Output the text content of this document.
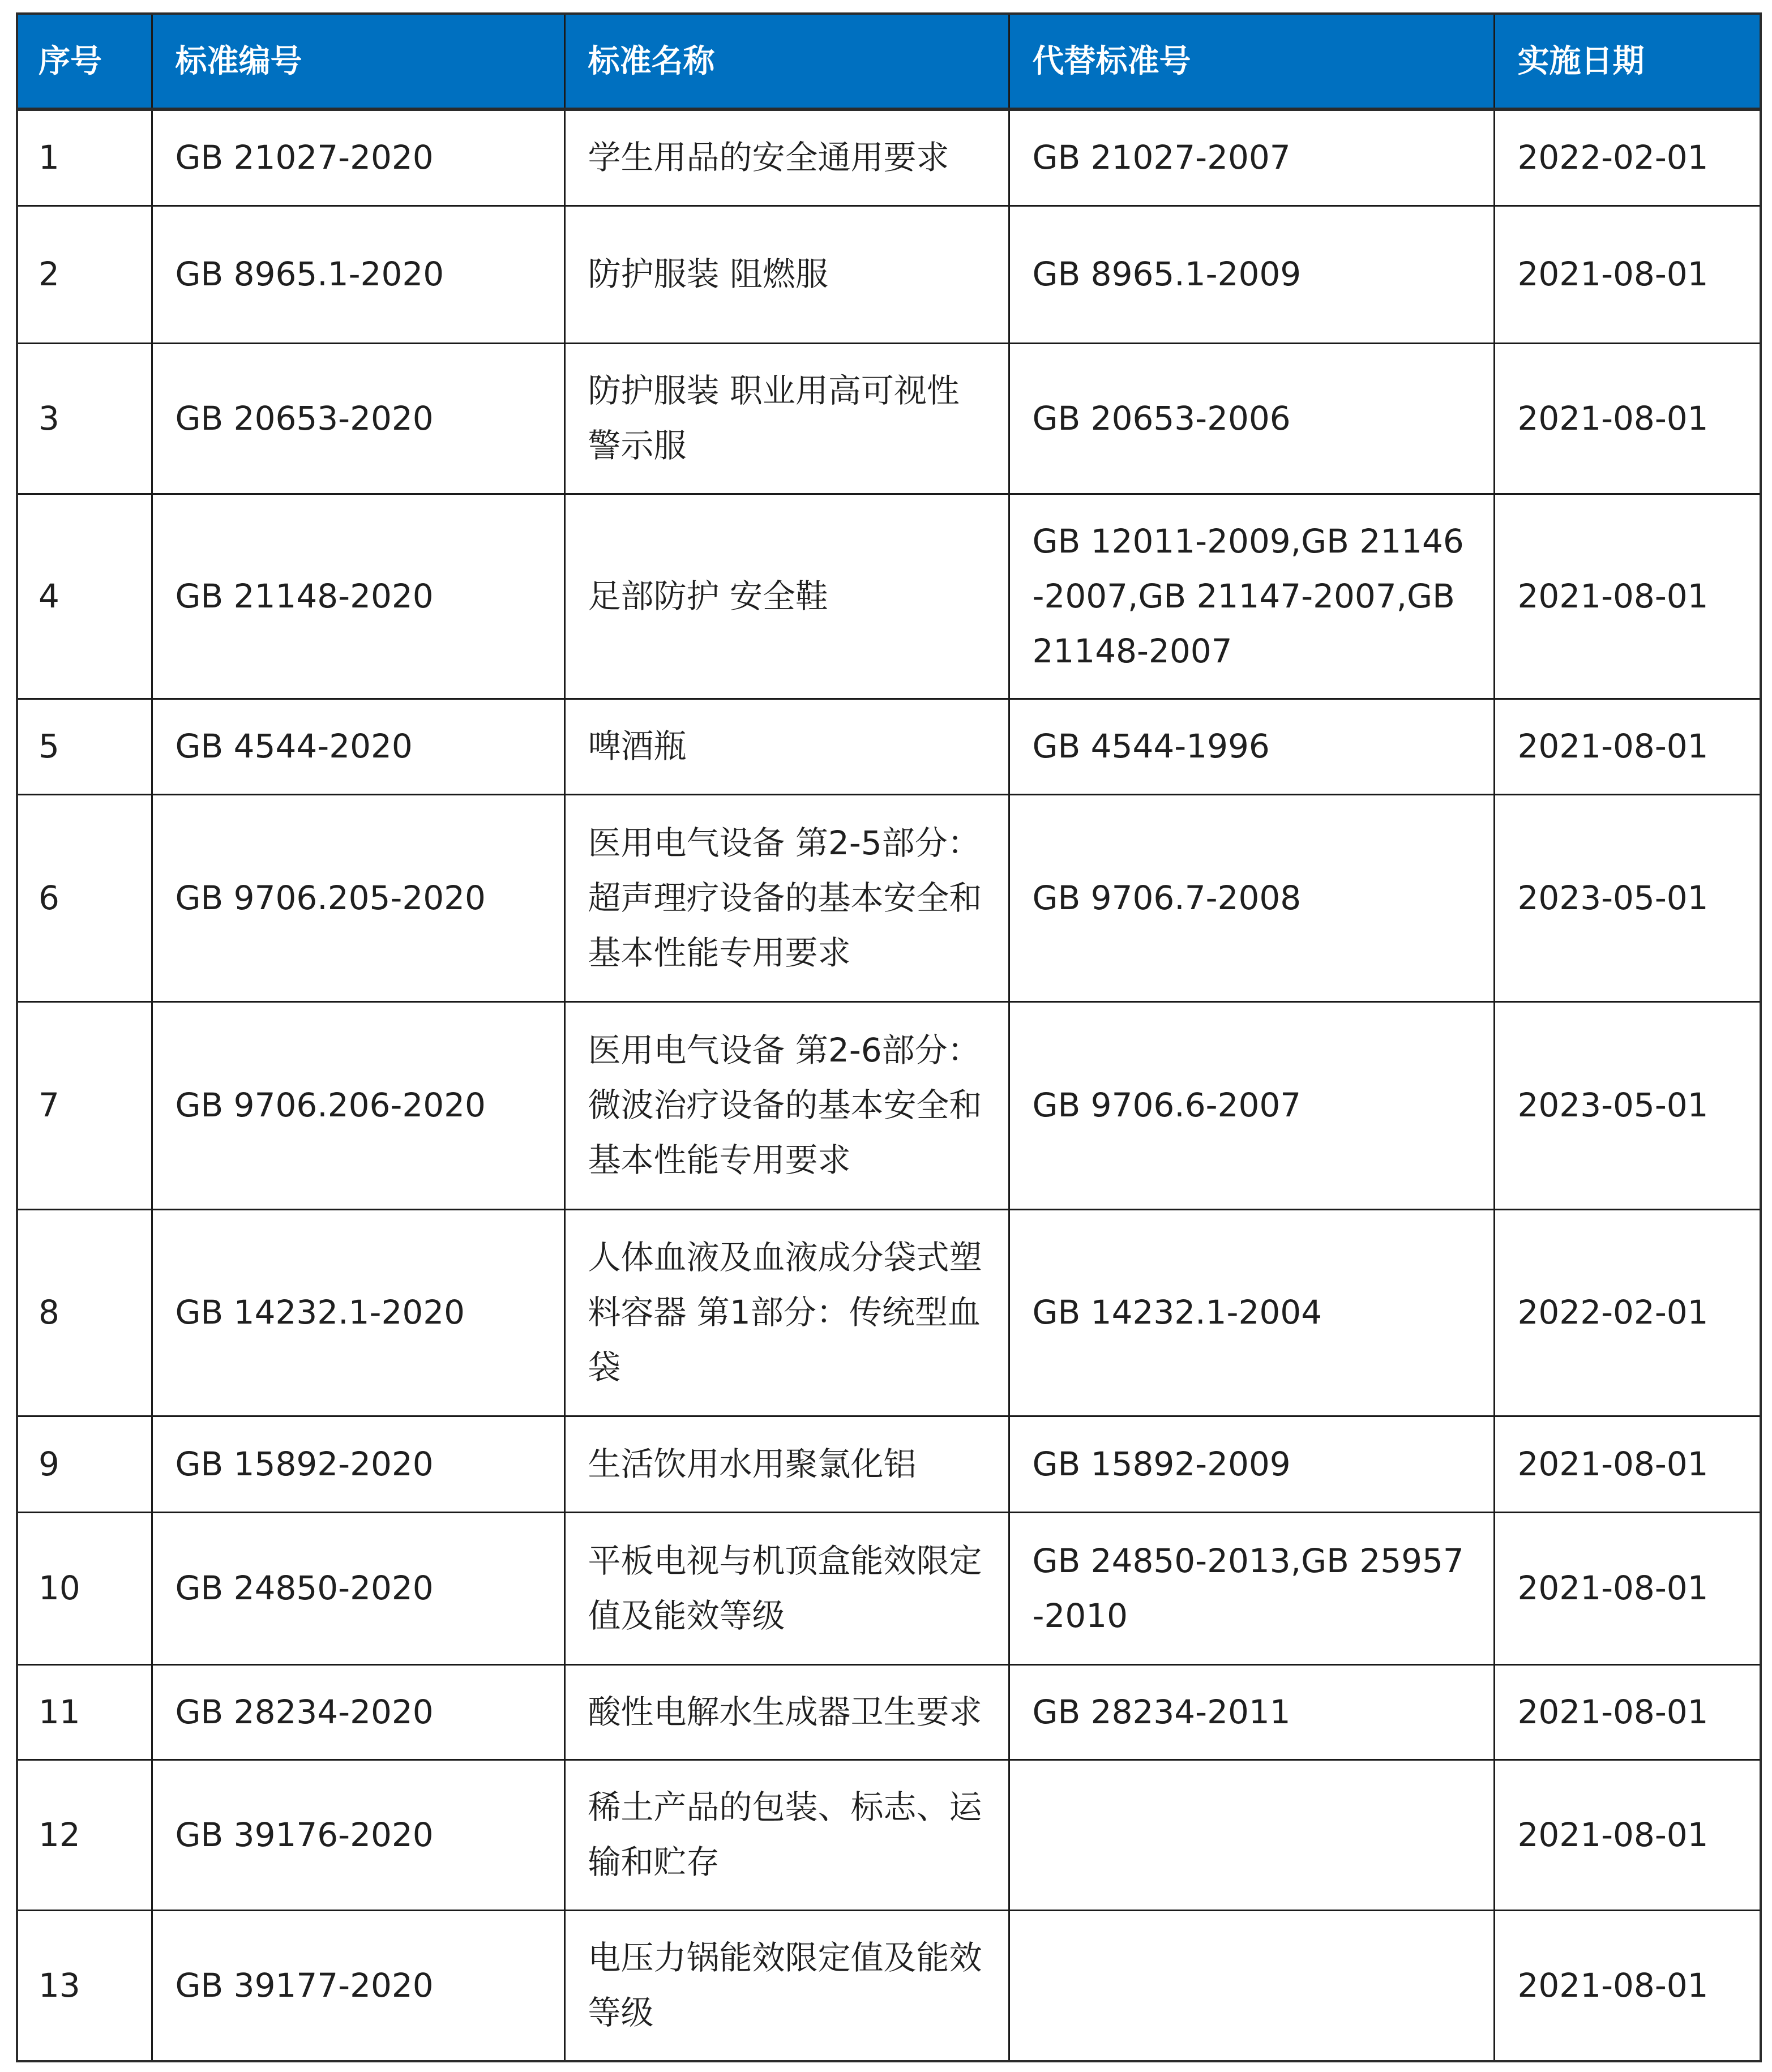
序号	标准编号	标准名称	代替标准号	实施日期
1	GB 21027-2020	学生用品的安全通用要求	GB 21027-2007	2022-02-01
2	GB 8965.1-2020	防护服装 阻燃服	GB 8965.1-2009	2021-08-01
3	GB 20653-2020	防护服装 职业用高可视性警示服	GB 20653-2006	2021-08-01
4	GB 21148-2020	足部防护 安全鞋	GB 12011-2009,GB 21146-2007,GB 21147-2007,GB 21148-2007	2021-08-01
5	GB 4544-2020	啤酒瓶	GB 4544-1996	2021-08-01
6	GB 9706.205-2020	医用电气设备 第2-5部分：超声理疗设备的基本安全和基本性能专用要求	GB 9706.7-2008	2023-05-01
7	GB 9706.206-2020	医用电气设备 第2-6部分：微波治疗设备的基本安全和基本性能专用要求	GB 9706.6-2007	2023-05-01
8	GB 14232.1-2020	人体血液及血液成分袋式塑料容器 第1部分：传统型血袋	GB 14232.1-2004	2022-02-01
9	GB 15892-2020	生活饮用水用聚氯化铝	GB 15892-2009	2021-08-01
10	GB 24850-2020	平板电视与机顶盒能效限定值及能效等级	GB 24850-2013,GB 25957-2010	2021-08-01
11	GB 28234-2020	酸性电解水生成器卫生要求	GB 28234-2011	2021-08-01
12	GB 39176-2020	稀土产品的包装、标志、运输和贮存		2021-08-01
13	GB 39177-2020	电压力锅能效限定值及能效等级		2021-08-01
